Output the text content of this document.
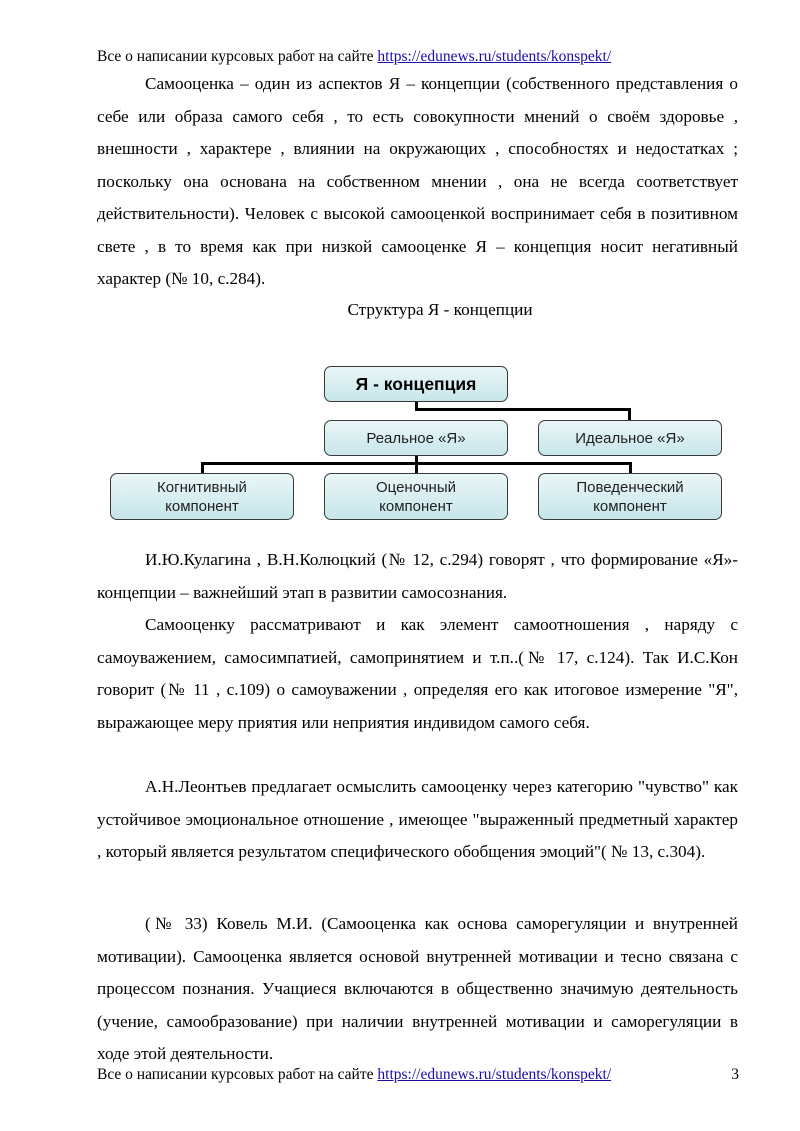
Все о написании курсовых работ на сайте https://edunews.ru/students/konspekt/

Самооценка – один из аспектов Я – концепции (собственного представления о себе или образа самого себя , то есть совокупности мнений о своём здоровье , внешности , характере , влиянии на окружающих , способностях и недостатках ; поскольку она основана на собственном мнении , она не всегда соответствует действительности). Человек с высокой самооценкой воспринимает себя в позитивном свете , в то время как при низкой самооценке Я – концепция носит негативный характер (№ 10, с.284).

Структура Я - концепции
Я - концепция
Реальное «Я»	Идеальное «Я»
Когнитивный компонент
Оценочный компонент
Поведенческий компонент

И.Ю.Кулагина , В.Н.Колюцкий (№ 12, с.294) говорят , что формирование «Я»-концепции – важнейший этап в развитии самосознания.

Самооценку рассматривают и как элемент самоотношения , наряду с самоуважением, самосимпатией, самопринятием и т.п..(№ 17, с.124). Так И.С.Кон говорит (№ 11 , с.109) о самоуважении , определяя его как итоговое измерение "Я", выражающее меру приятия или неприятия индивидом самого себя.

А.Н.Леонтьев предлагает осмыслить самооценку через категорию "чувство" как устойчивое эмоциональное отношение , имеющее "выраженный предметный характер , который является результатом специфического обобщения эмоций"( № 13, с.304).

(№ 33) Ковель М.И. (Самооценка как основа саморегуляции и внутренней мотивации). Самооценка является основой внутренней мотивации и тесно связана с процессом познания. Учащиеся включаются в общественно значимую деятельность (учение, самообразование) при наличии внутренней мотивации и саморегуляции в ходе этой деятельности.

Все о написании курсовых работ на сайте https://edunews.ru/students/konspekt/	3
